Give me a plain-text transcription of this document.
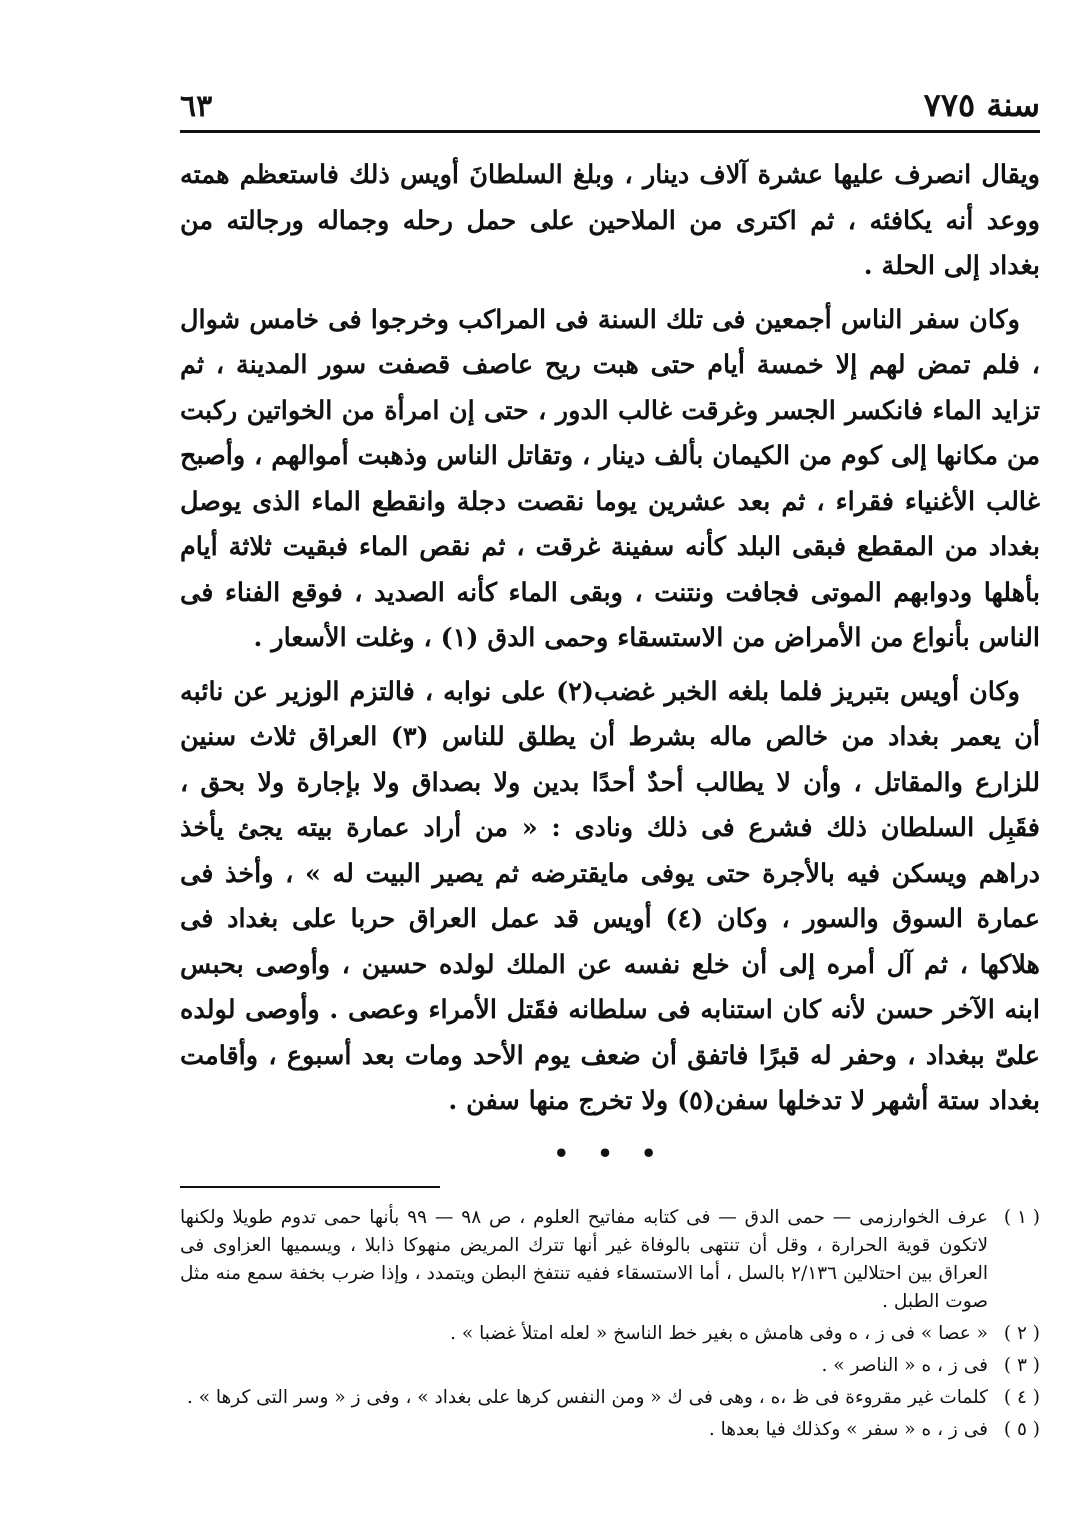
سنة ٧٧٥
٦٣

ويقال انصرف عليها عشرة آلاف دينار ، وبلغ السلطانَ أويس ذلك فاستعظم همته ووعد أنه يكافئه ، ثم اكترى من الملاحين على حمل رحله وجماله ورجالته من بغداد إلى الحلة .

وكان سفر الناس أجمعين فى تلك السنة فى المراكب وخرجوا فى خامس شوال ، فلم تمض لهم إلا خمسة أيام حتى هبت ريح عاصف قصفت سور المدينة ، ثم تزايد الماء فانكسر الجسر وغرقت غالب الدور ، حتى إن امرأة من الخواتين ركبت من مكانها إلى كوم من الكيمان بألف دينار ، وتقاتل الناس وذهبت أموالهم ، وأصبح غالب الأغنياء فقراء ، ثم بعد عشرين يوما نقصت دجلة وانقطع الماء الذى يوصل بغداد من المقطع فبقى البلد كأنه سفينة غرقت ، ثم نقص الماء فبقيت ثلاثة أيام بأهلها ودوابهم الموتى فجافت ونتنت ، وبقى الماء كأنه الصديد ، فوقع الفناء فى الناس بأنواع من الأمراض من الاستسقاء وحمى الدق (١) ، وغلت الأسعار .

وكان أويس بتبريز فلما بلغه الخبر غضب(٢) على نوابه ، فالتزم الوزير عن نائبه أن يعمر بغداد من خالص ماله بشرط أن يطلق للناس (٣) العراق ثلاث سنين للزارع والمقاتل ، وأن لا يطالب أحدٌ أحدًا بدين ولا بصداق ولا بإجارة ولا بحق ، فقَبِل السلطان ذلك فشرع فى ذلك ونادى : « من أراد عمارة بيته يجئ يأخذ دراهم ويسكن فيه بالأجرة حتى يوفى مايقترضه ثم يصير البيت له » ، وأخذ فى عمارة السوق والسور ، وكان (٤) أويس قد عمل العراق حربا على بغداد فى هلاكها ، ثم آل أمره إلى أن خلع نفسه عن الملك لولده حسين ، وأوصى بحبس ابنه الآخر حسن لأنه كان استنابه فى سلطانه فقَتل الأمراء وعصى . وأوصى لولده علىّ ببغداد ، وحفر له قبرًا فاتفق أن ضعف يوم الأحد ومات بعد أسبوع ، وأقامت بغداد ستة أشهر لا تدخلها سفن(٥) ولا تخرج منها سفن .

• • •
( ١ )
عرف الخوارزمى — حمى الدق — فى كتابه مفاتيح العلوم ، ص ٩٨ — ٩٩ بأنها حمى تدوم طويلا ولكنها لاتكون قوية الحرارة ، وقل أن تنتهى بالوفاة غير أنها تترك المريض منهوكا ذابلا ، ويسميها العزاوى فى العراق بين احتلالين ٢/١٣٦ بالسل ، أما الاستسقاء ففيه تنتفخ البطن ويتمدد ، وإذا ضرب بخفة سمع منه مثل صوت الطبل .
( ٢ )
« عصا » فى ز ، ه وفى هامش ه بغير خط الناسخ « لعله امتلأ غضبا » .
( ٣ )
فى ز ، ه « الناصر » .
( ٤ )
كلمات غير مقروءة فى ظ ،ه ، وهى فى ك « ومن النفس كرها على بغداد » ، وفى ز « وسر التى كرها » .
( ٥ )
فى ز ، ه « سفر » وكذلك فيا بعدها .
